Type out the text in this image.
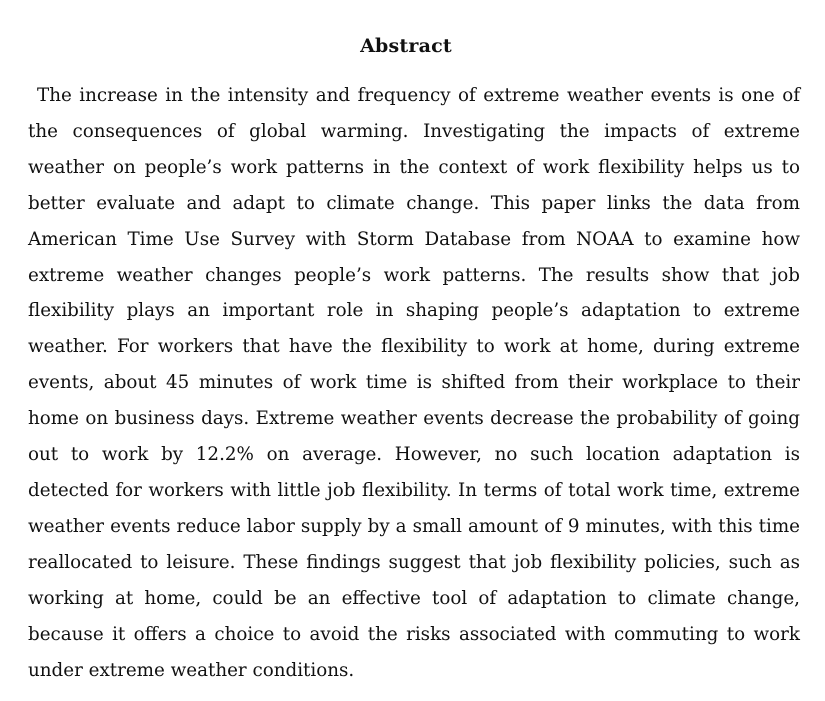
Abstract

The increase in the intensity and frequency of extreme weather events is one of the consequences of global warming. Investigating the impacts of extreme weather on people’s work patterns in the context of work flexibility helps us to better evaluate and adapt to climate change. This paper links the data from American Time Use Survey with Storm Database from NOAA to examine how extreme weather changes people’s work patterns. The results show that job flexibility plays an important role in shaping people’s adaptation to extreme weather. For workers that have the flexibility to work at home, during extreme events, about 45 minutes of work time is shifted from their workplace to their home on business days. Extreme weather events decrease the probability of going out to work by 12.2% on average. However, no such location adaptation is detected for workers with little job flexibility. In terms of total work time, extreme weather events reduce labor supply by a small amount of 9 minutes, with this time reallocated to leisure. These findings suggest that job flexibility policies, such as working at home, could be an effective tool of adaptation to climate change, because it offers a choice to avoid the risks associated with commuting to work under extreme weather conditions.
